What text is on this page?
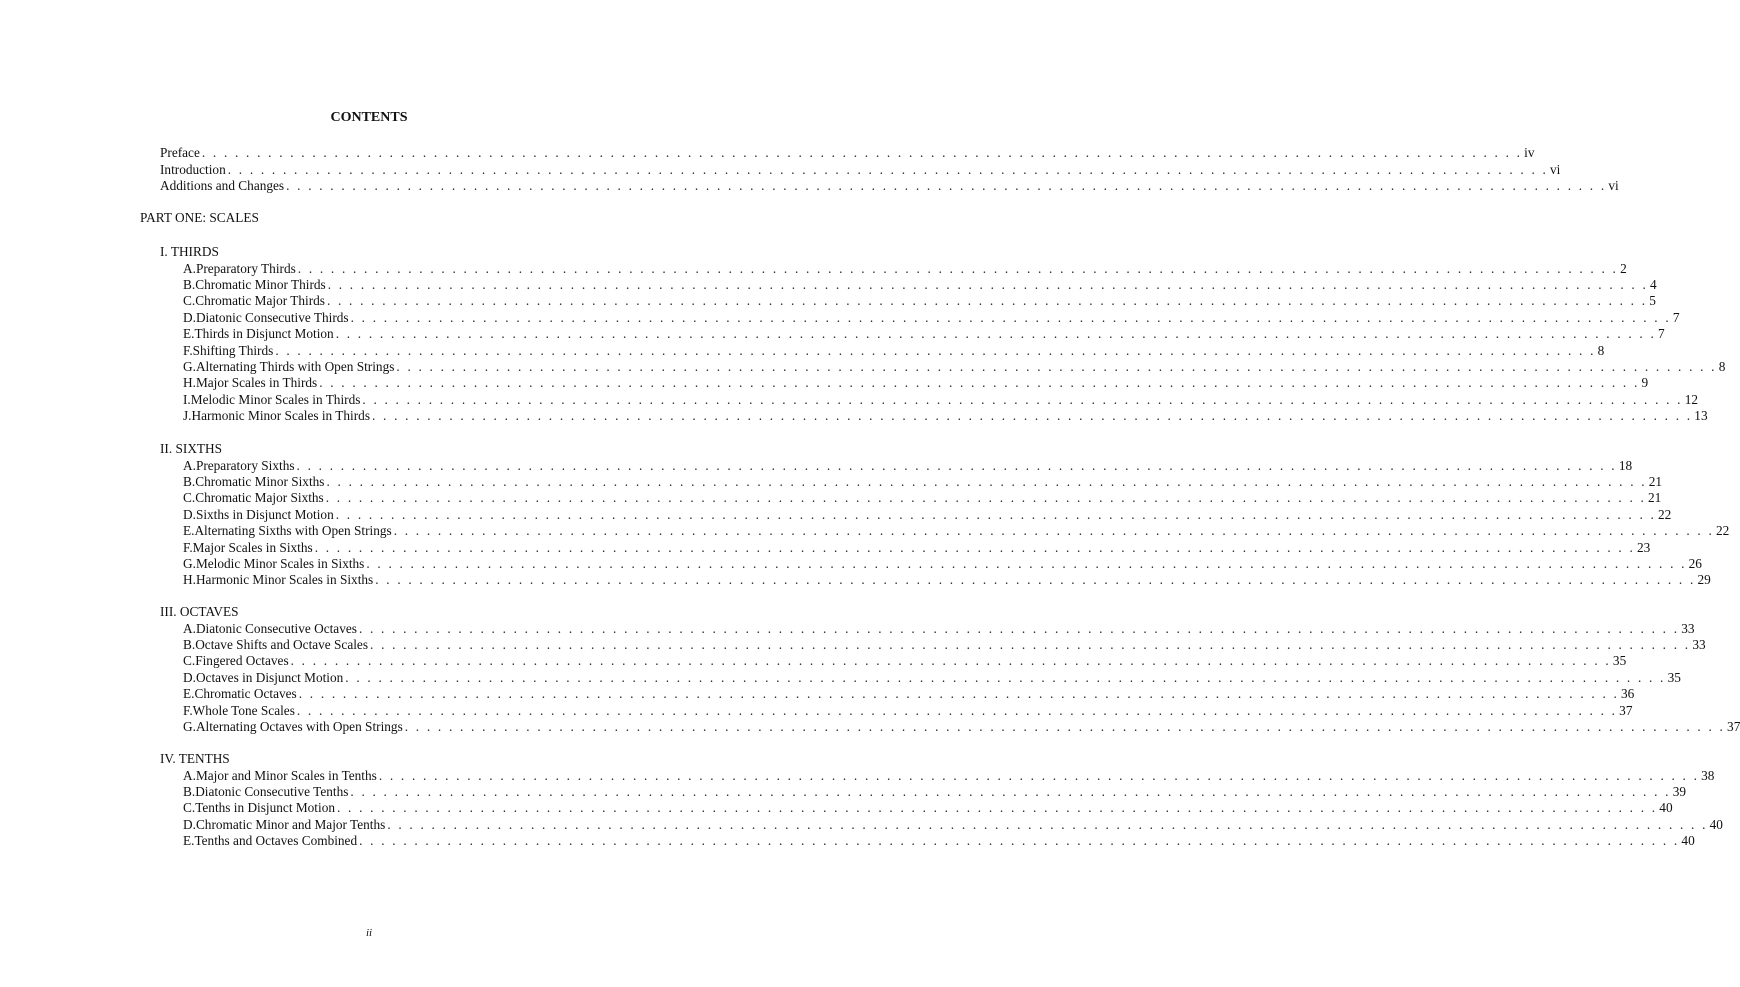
CONTENTS
Preface . . . . . . . . . . . . . . . . . . . . . . . . . . . . . . . . . . . . . . . . . . . . . . . . . . . . . . . . . . . . . . . . . . . . . . . . . . . . . . . . . . . . . . . . . . . . . . . . . . . . . . . . . . . . . . . . . . . . . . . . iv
Introduction . . . . . . . . . . . . . . . . . . . . . . . . . . . . . . . . . . . . . . . . . . . . . . . . . . . . . . . . . . . . . . . . . . . . . . . . . . . . . . . . . . . . . . . . . . . . . . . . . . . . . . . . . . . . . . . . . . . . . . . . vi
Additions and Changes . . . . . . . . . . . . . . . . . . . . . . . . . . . . . . . . . . . . . . . . . . . . . . . . . . . . . . . . . . . . . . . . . . . . . . . . . . . . . . . . . . . . . . . . . . . . . . . . . . . . . . . . . . . . . . . . . . . . . . . . vi
PART ONE: SCALES
I. THIRDS
A. Preparatory Thirds . . . . . . . . . . . . . . . . . . . . . . . . . . . . . . . . . . . . . . . . . . . . . . . . . . . . . . . . . . . . . . . . . . . . . . . . . . . . . . . . . . . . . . . . . . . . . . . . . . . . . . . . . . . . . . . . . . . . . . . . 2
B. Chromatic Minor Thirds . . . . . . . . . . . . . . . . . . . . . . . . . . . . . . . . . . . . . . . . . . . . . . . . . . . . . . . . . . . . . . . . . . . . . . . . . . . . . . . . . . . . . . . . . . . . . . . . . . . . . . . . . . . . . . . . . . . . . . . . 4
C. Chromatic Major Thirds . . . . . . . . . . . . . . . . . . . . . . . . . . . . . . . . . . . . . . . . . . . . . . . . . . . . . . . . . . . . . . . . . . . . . . . . . . . . . . . . . . . . . . . . . . . . . . . . . . . . . . . . . . . . . . . . . . . . . . . . 5
D. Diatonic Consecutive Thirds . . . . . . . . . . . . . . . . . . . . . . . . . . . . . . . . . . . . . . . . . . . . . . . . . . . . . . . . . . . . . . . . . . . . . . . . . . . . . . . . . . . . . . . . . . . . . . . . . . . . . . . . . . . . . . . . . . . . . . . . 7
E. Thirds in Disjunct Motion . . . . . . . . . . . . . . . . . . . . . . . . . . . . . . . . . . . . . . . . . . . . . . . . . . . . . . . . . . . . . . . . . . . . . . . . . . . . . . . . . . . . . . . . . . . . . . . . . . . . . . . . . . . . . . . . . . . . . . . . 7
F. Shifting Thirds . . . . . . . . . . . . . . . . . . . . . . . . . . . . . . . . . . . . . . . . . . . . . . . . . . . . . . . . . . . . . . . . . . . . . . . . . . . . . . . . . . . . . . . . . . . . . . . . . . . . . . . . . . . . . . . . . . . . . . . . 8
G. Alternating Thirds with Open Strings . . . . . . . . . . . . . . . . . . . . . . . . . . . . . . . . . . . . . . . . . . . . . . . . . . . . . . . . . . . . . . . . . . . . . . . . . . . . . . . . . . . . . . . . . . . . . . . . . . . . . . . . . . . . . . . . . . . . . . . . 8
H. Major Scales in Thirds . . . . . . . . . . . . . . . . . . . . . . . . . . . . . . . . . . . . . . . . . . . . . . . . . . . . . . . . . . . . . . . . . . . . . . . . . . . . . . . . . . . . . . . . . . . . . . . . . . . . . . . . . . . . . . . . . . . . . . . . 9
I. Melodic Minor Scales in Thirds . . . . . . . . . . . . . . . . . . . . . . . . . . . . . . . . . . . . . . . . . . . . . . . . . . . . . . . . . . . . . . . . . . . . . . . . . . . . . . . . . . . . . . . . . . . . . . . . . . . . . . . . . . . . . . . . . . . . . . . . 12
J. Harmonic Minor Scales in Thirds . . . . . . . . . . . . . . . . . . . . . . . . . . . . . . . . . . . . . . . . . . . . . . . . . . . . . . . . . . . . . . . . . . . . . . . . . . . . . . . . . . . . . . . . . . . . . . . . . . . . . . . . . . . . . . . . . . . . . . . . 13
II. SIXTHS
A. Preparatory Sixths . . . . . . . . . . . . . . . . . . . . . . . . . . . . . . . . . . . . . . . . . . . . . . . . . . . . . . . . . . . . . . . . . . . . . . . . . . . . . . . . . . . . . . . . . . . . . . . . . . . . . . . . . . . . . . . . . . . . . . . . 18
B. Chromatic Minor Sixths . . . . . . . . . . . . . . . . . . . . . . . . . . . . . . . . . . . . . . . . . . . . . . . . . . . . . . . . . . . . . . . . . . . . . . . . . . . . . . . . . . . . . . . . . . . . . . . . . . . . . . . . . . . . . . . . . . . . . . . . 21
C. Chromatic Major Sixths . . . . . . . . . . . . . . . . . . . . . . . . . . . . . . . . . . . . . . . . . . . . . . . . . . . . . . . . . . . . . . . . . . . . . . . . . . . . . . . . . . . . . . . . . . . . . . . . . . . . . . . . . . . . . . . . . . . . . . . . 21
D. Sixths in Disjunct Motion . . . . . . . . . . . . . . . . . . . . . . . . . . . . . . . . . . . . . . . . . . . . . . . . . . . . . . . . . . . . . . . . . . . . . . . . . . . . . . . . . . . . . . . . . . . . . . . . . . . . . . . . . . . . . . . . . . . . . . . . 22
E. Alternating Sixths with Open Strings . . . . . . . . . . . . . . . . . . . . . . . . . . . . . . . . . . . . . . . . . . . . . . . . . . . . . . . . . . . . . . . . . . . . . . . . . . . . . . . . . . . . . . . . . . . . . . . . . . . . . . . . . . . . . . . . . . . . . . . . 22
F. Major Scales in Sixths . . . . . . . . . . . . . . . . . . . . . . . . . . . . . . . . . . . . . . . . . . . . . . . . . . . . . . . . . . . . . . . . . . . . . . . . . . . . . . . . . . . . . . . . . . . . . . . . . . . . . . . . . . . . . . . . . . . . . . . . 23
G. Melodic Minor Scales in Sixths . . . . . . . . . . . . . . . . . . . . . . . . . . . . . . . . . . . . . . . . . . . . . . . . . . . . . . . . . . . . . . . . . . . . . . . . . . . . . . . . . . . . . . . . . . . . . . . . . . . . . . . . . . . . . . . . . . . . . . . . 26
H. Harmonic Minor Scales in Sixths . . . . . . . . . . . . . . . . . . . . . . . . . . . . . . . . . . . . . . . . . . . . . . . . . . . . . . . . . . . . . . . . . . . . . . . . . . . . . . . . . . . . . . . . . . . . . . . . . . . . . . . . . . . . . . . . . . . . . . . . 29
III. OCTAVES
A. Diatonic Consecutive Octaves . . . . . . . . . . . . . . . . . . . . . . . . . . . . . . . . . . . . . . . . . . . . . . . . . . . . . . . . . . . . . . . . . . . . . . . . . . . . . . . . . . . . . . . . . . . . . . . . . . . . . . . . . . . . . . . . . . . . . . . . 33
B. Octave Shifts and Octave Scales . . . . . . . . . . . . . . . . . . . . . . . . . . . . . . . . . . . . . . . . . . . . . . . . . . . . . . . . . . . . . . . . . . . . . . . . . . . . . . . . . . . . . . . . . . . . . . . . . . . . . . . . . . . . . . . . . . . . . . . . 33
C. Fingered Octaves . . . . . . . . . . . . . . . . . . . . . . . . . . . . . . . . . . . . . . . . . . . . . . . . . . . . . . . . . . . . . . . . . . . . . . . . . . . . . . . . . . . . . . . . . . . . . . . . . . . . . . . . . . . . . . . . . . . . . . . . 35
D. Octaves in Disjunct Motion . . . . . . . . . . . . . . . . . . . . . . . . . . . . . . . . . . . . . . . . . . . . . . . . . . . . . . . . . . . . . . . . . . . . . . . . . . . . . . . . . . . . . . . . . . . . . . . . . . . . . . . . . . . . . . . . . . . . . . . . 35
E. Chromatic Octaves . . . . . . . . . . . . . . . . . . . . . . . . . . . . . . . . . . . . . . . . . . . . . . . . . . . . . . . . . . . . . . . . . . . . . . . . . . . . . . . . . . . . . . . . . . . . . . . . . . . . . . . . . . . . . . . . . . . . . . . . 36
F. Whole Tone Scales . . . . . . . . . . . . . . . . . . . . . . . . . . . . . . . . . . . . . . . . . . . . . . . . . . . . . . . . . . . . . . . . . . . . . . . . . . . . . . . . . . . . . . . . . . . . . . . . . . . . . . . . . . . . . . . . . . . . . . . . 37
G. Alternating Octaves with Open Strings . . . . . . . . . . . . . . . . . . . . . . . . . . . . . . . . . . . . . . . . . . . . . . . . . . . . . . . . . . . . . . . . . . . . . . . . . . . . . . . . . . . . . . . . . . . . . . . . . . . . . . . . . . . . . . . . . . . . . . . . 37
IV. TENTHS
A. Major and Minor Scales in Tenths . . . . . . . . . . . . . . . . . . . . . . . . . . . . . . . . . . . . . . . . . . . . . . . . . . . . . . . . . . . . . . . . . . . . . . . . . . . . . . . . . . . . . . . . . . . . . . . . . . . . . . . . . . . . . . . . . . . . . . . . 38
B. Diatonic Consecutive Tenths . . . . . . . . . . . . . . . . . . . . . . . . . . . . . . . . . . . . . . . . . . . . . . . . . . . . . . . . . . . . . . . . . . . . . . . . . . . . . . . . . . . . . . . . . . . . . . . . . . . . . . . . . . . . . . . . . . . . . . . . 39
C. Tenths in Disjunct Motion . . . . . . . . . . . . . . . . . . . . . . . . . . . . . . . . . . . . . . . . . . . . . . . . . . . . . . . . . . . . . . . . . . . . . . . . . . . . . . . . . . . . . . . . . . . . . . . . . . . . . . . . . . . . . . . . . . . . . . . . 40
D. Chromatic Minor and Major Tenths . . . . . . . . . . . . . . . . . . . . . . . . . . . . . . . . . . . . . . . . . . . . . . . . . . . . . . . . . . . . . . . . . . . . . . . . . . . . . . . . . . . . . . . . . . . . . . . . . . . . . . . . . . . . . . . . . . . . . . . . 40
E. Tenths and Octaves Combined . . . . . . . . . . . . . . . . . . . . . . . . . . . . . . . . . . . . . . . . . . . . . . . . . . . . . . . . . . . . . . . . . . . . . . . . . . . . . . . . . . . . . . . . . . . . . . . . . . . . . . . . . . . . . . . . . . . . . . . . 40
ii
